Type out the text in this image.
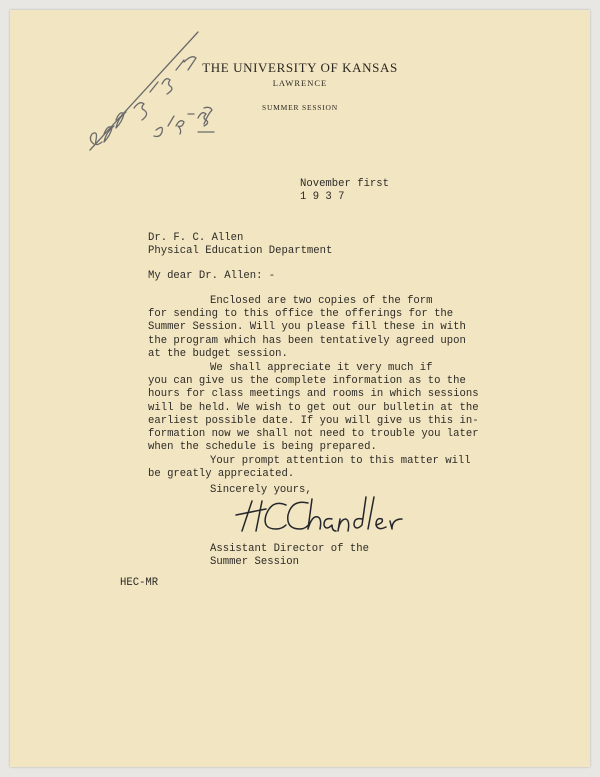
THE UNIVERSITY OF KANSAS
LAWRENCE
SUMMER SESSION
November first
1 9 3 7
Dr. F. C. Allen
Physical Education Department
My dear Dr. Allen: -
Enclosed are two copies of the form
for sending to this office the offerings for the
Summer Session. Will you please fill these in with
the program which has been tentatively agreed upon
at the budget session.
We shall appreciate it very much if
you can give us the complete information as to the
hours for class meetings and rooms in which sessions
will be held. We wish to get out our bulletin at the
earliest possible date. If you will give us this in-
formation now we shall not need to trouble you later
when the schedule is being prepared.
Your prompt attention to this matter will
be greatly appreciated.
Sincerely yours,
Assistant Director of the
Summer Session
HEC-MR
